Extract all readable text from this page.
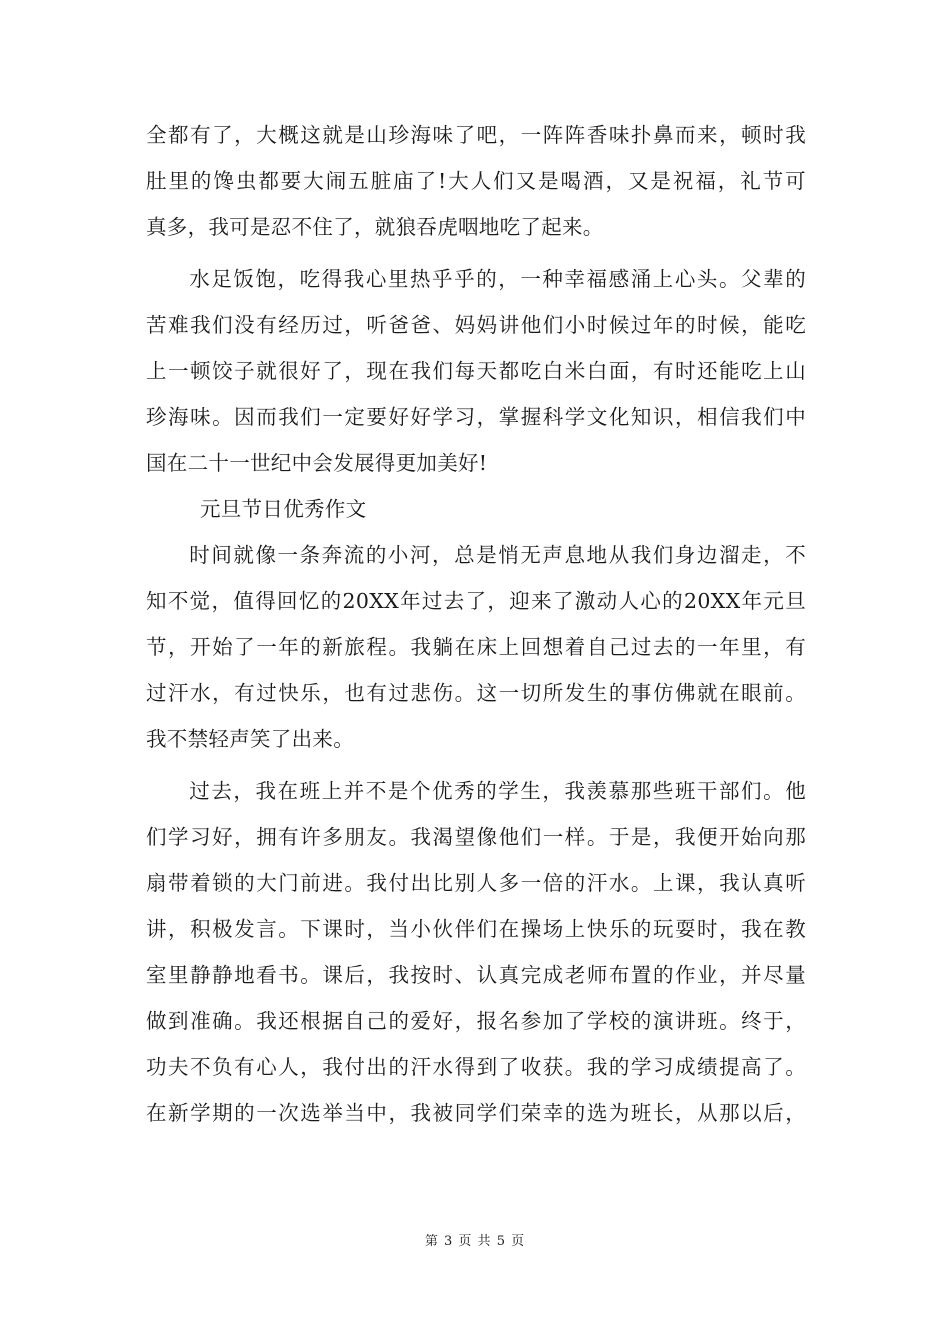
全都有了，大概这就是山珍海味了吧，一阵阵香味扑鼻而来，顿时我
肚里的馋虫都要大闹五脏庙了!大人们又是喝酒，又是祝福，礼节可
真多，我可是忍不住了，就狼吞虎咽地吃了起来。
水足饭饱，吃得我心里热乎乎的，一种幸福感涌上心头。父辈的
苦难我们没有经历过，听爸爸、妈妈讲他们小时候过年的时候，能吃
上一顿饺子就很好了，现在我们每天都吃白米白面，有时还能吃上山
珍海味。因而我们一定要好好学习，掌握科学文化知识，相信我们中
国在二十一世纪中会发展得更加美好!
元旦节日优秀作文
时间就像一条奔流的小河，总是悄无声息地从我们身边溜走，不
知不觉，值得回忆的20XX年过去了，迎来了激动人心的20XX年元旦
节，开始了一年的新旅程。我躺在床上回想着自己过去的一年里，有
过汗水，有过快乐，也有过悲伤。这一切所发生的事仿佛就在眼前。
我不禁轻声笑了出来。
过去，我在班上并不是个优秀的学生，我羡慕那些班干部们。他
们学习好，拥有许多朋友。我渴望像他们一样。于是，我便开始向那
扇带着锁的大门前进。我付出比别人多一倍的汗水。上课，我认真听
讲，积极发言。下课时，当小伙伴们在操场上快乐的玩耍时，我在教
室里静静地看书。课后，我按时、认真完成老师布置的作业，并尽量
做到准确。我还根据自己的爱好，报名参加了学校的演讲班。终于，
功夫不负有心人，我付出的汗水得到了收获。我的学习成绩提高了。
在新学期的一次选举当中，我被同学们荣幸的选为班长，从那以后，
第 3 页 共 5 页
